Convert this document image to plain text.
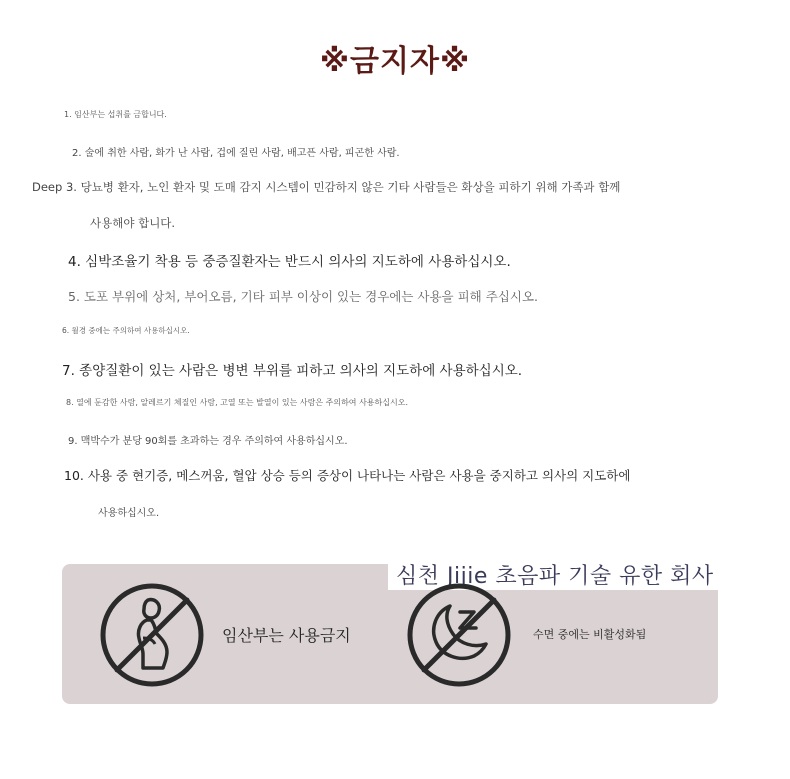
※금지자※
1. 임산부는 섭취를 금합니다.
2. 술에 취한 사람, 화가 난 사람, 겁에 질린 사람, 배고픈 사람, 피곤한 사람.
Deep 3. 당뇨병 환자, 노인 환자 및 도매 감지 시스템이 민감하지 않은 기타 사람들은 화상을 피하기 위해 가족과 함께
사용해야 합니다.
4. 심박조율기 착용 등 중증질환자는 반드시 의사의 지도하에 사용하십시오.
5. 도포 부위에 상처, 부어오름, 기타 피부 이상이 있는 경우에는 사용을 피해 주십시오.
6. 월경 중에는 주의하여 사용하십시오.
7. 종양질환이 있는 사람은 병변 부위를 피하고 의사의 지도하에 사용하십시오.
8. 열에 둔감한 사람, 알레르기 체질인 사람, 고열 또는 발열이 있는 사람은 주의하여 사용하십시오.
9. 맥박수가 분당 90회를 초과하는 경우 주의하여 사용하십시오.
10. 사용 중 현기증, 메스꺼움, 혈압 상승 등의 증상이 나타나는 사람은 사용을 중지하고 의사의 지도하에
사용하십시오.
심천 Jijie 초음파 기술 유한 회사
임산부는 사용금지	수면 중에는 비활성화됨
